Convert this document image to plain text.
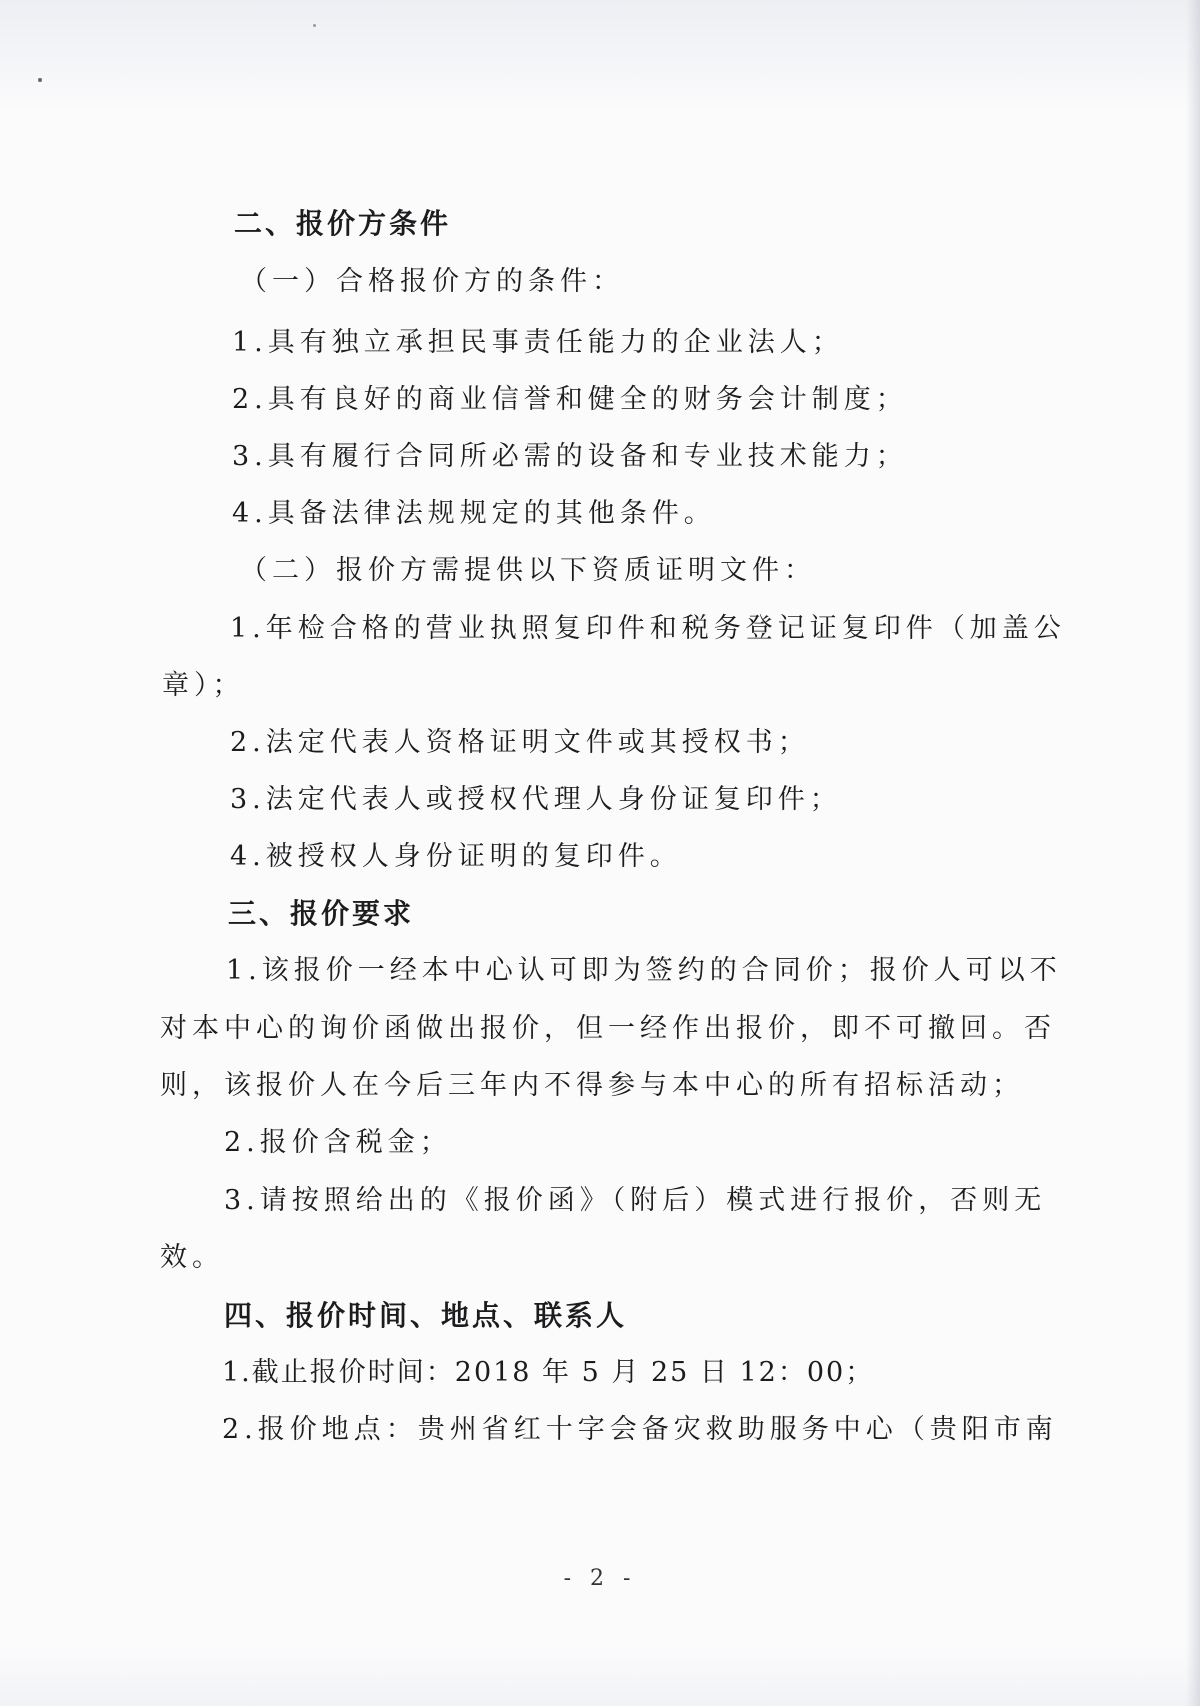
二、报价方条件

（一）合格报价方的条件：

1.具有独立承担民事责任能力的企业法人；

2.具有良好的商业信誉和健全的财务会计制度；

3.具有履行合同所必需的设备和专业技术能力；

4.具备法律法规规定的其他条件。

（二）报价方需提供以下资质证明文件：

1.年检合格的营业执照复印件和税务登记证复印件（加盖公

章）；

2.法定代表人资格证明文件或其授权书；

3.法定代表人或授权代理人身份证复印件；

4.被授权人身份证明的复印件。

三、报价要求

1.该报价一经本中心认可即为签约的合同价；报价人可以不

对本中心的询价函做出报价，但一经作出报价，即不可撤回。否

则，该报价人在今后三年内不得参与本中心的所有招标活动；

2.报价含税金；

3.请按照给出的《报价函》（附后）模式进行报价，否则无

效。

四、报价时间、地点、联系人

1.截止报价时间：2018 年 5 月 25 日 12：00；

2.报价地点：贵州省红十字会备灾救助服务中心（贵阳市南

- 2 -
